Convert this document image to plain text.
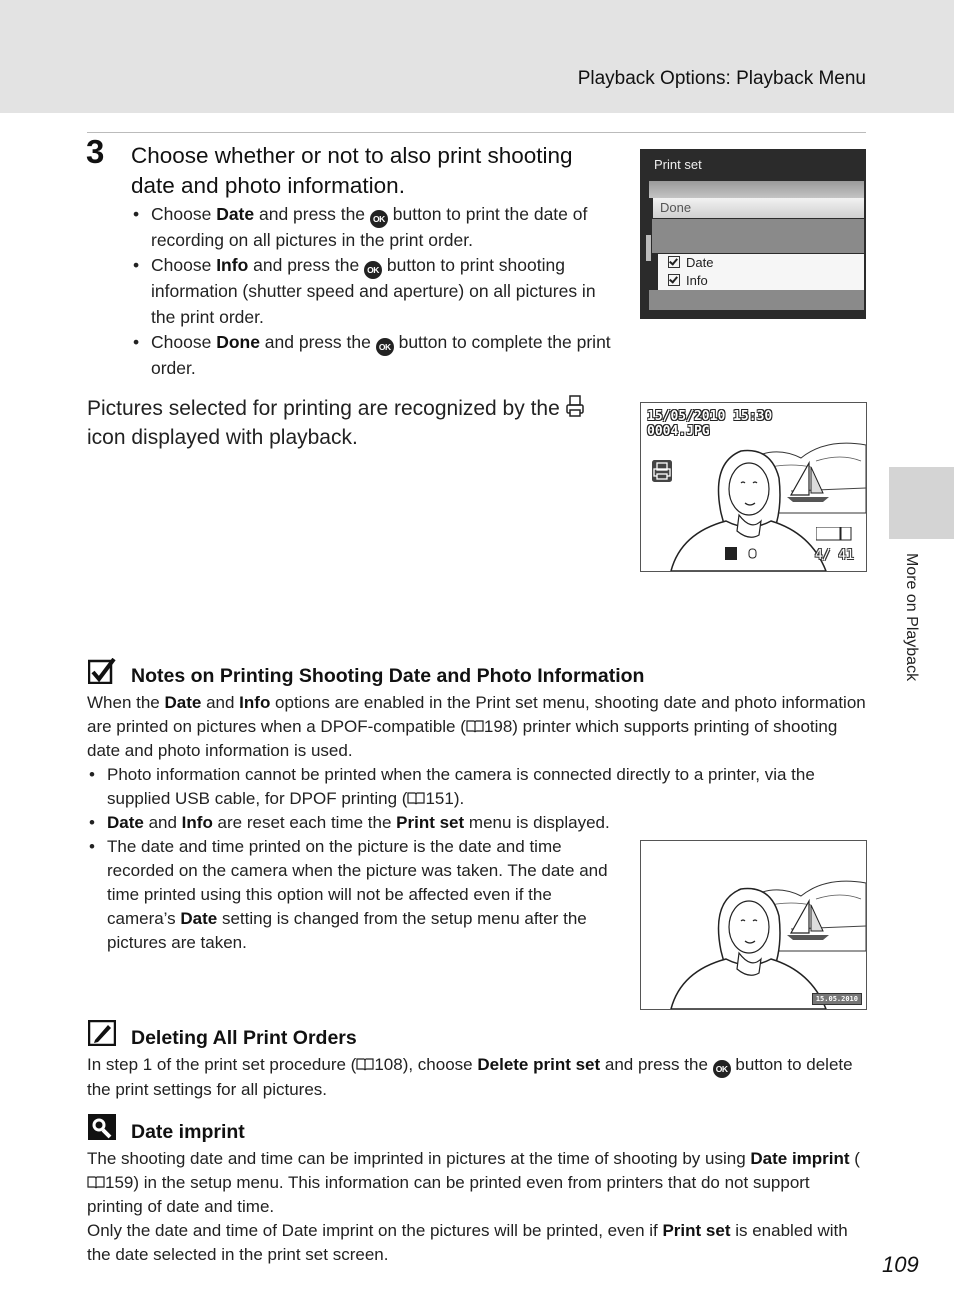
Playback Options: Playback Menu
More on Playback
3 Choose whether or not to also print shooting date and photo information.
• Choose Date and press the OK button to print the date of recording on all pictures in the print order.
• Choose Info and press the OK button to print shooting information (shutter speed and aperture) on all pictures in the print order.
• Choose Done and press the OK button to complete the print order.
Print set
Done
Date
Info
Pictures selected for printing are recognized by the  icon displayed with playback.
15/05/2010 15:30
0004.JPG
4/ 41
Notes on Printing Shooting Date and Photo Information
When the Date and Info options are enabled in the Print set menu, shooting date and photo information are printed on pictures when a DPOF-compatible ( 198) printer which supports printing of shooting date and photo information is used.
• Photo information cannot be printed when the camera is connected directly to a printer, via the supplied USB cable, for DPOF printing ( 151).
• Date and Info are reset each time the Print set menu is displayed.
• The date and time printed on the picture is the date and time recorded on the camera when the picture was taken. The date and time printed using this option will not be affected even if the camera’s Date setting is changed from the setup menu after the pictures are taken.
15.05.2010
Deleting All Print Orders
In step 1 of the print set procedure ( 108), choose Delete print set and press the OK button to delete the print settings for all pictures.
Date imprint
The shooting date and time can be imprinted in pictures at the time of shooting by using Date imprint (159) in the setup menu. This information can be printed even from printers that do not support printing of date and time.
Only the date and time of Date imprint on the pictures will be printed, even if Print set is enabled with the date selected in the print set screen.	109
